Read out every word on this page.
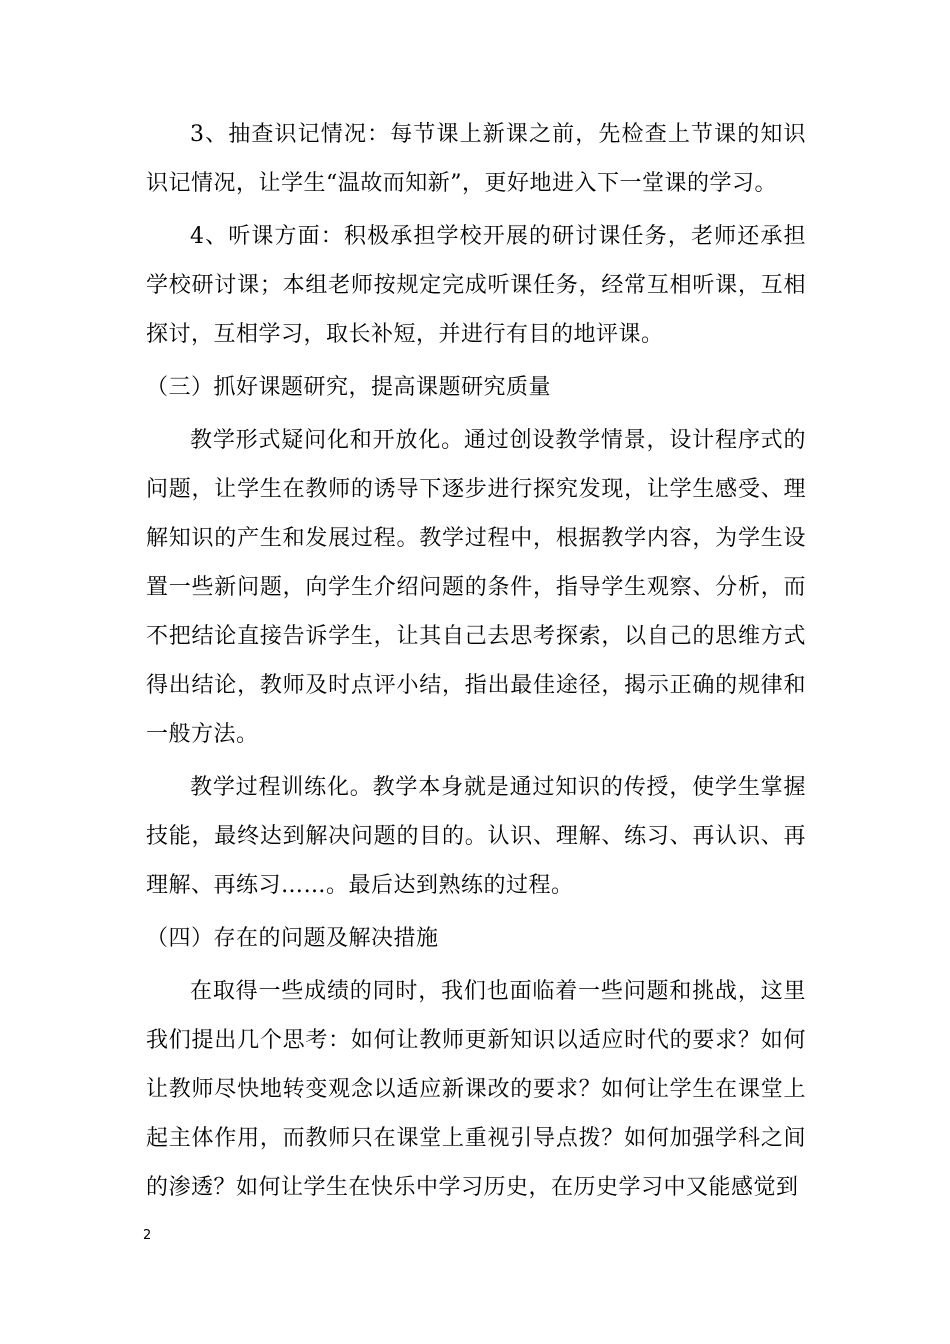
3、抽查识记情况：每节课上新课之前，先检查上节课的知识识记情况，让学生“温故而知新”，更好地进入下一堂课的学习。

4、听课方面：积极承担学校开展的研讨课任务，老师还承担学校研讨课；本组老师按规定完成听课任务，经常互相听课，互相探讨，互相学习，取长补短，并进行有目的地评课。

（三）抓好课题研究，提高课题研究质量

教学形式疑问化和开放化。通过创设教学情景，设计程序式的问题，让学生在教师的诱导下逐步进行探究发现，让学生感受、理解知识的产生和发展过程。教学过程中，根据教学内容，为学生设置一些新问题，向学生介绍问题的条件，指导学生观察、分析，而不把结论直接告诉学生，让其自己去思考探索，以自己的思维方式得出结论，教师及时点评小结，指出最佳途径，揭示正确的规律和一般方法。

教学过程训练化。教学本身就是通过知识的传授，使学生掌握技能，最终达到解决问题的目的。认识、理解、练习、再认识、再理解、再练习……。最后达到熟练的过程。

（四）存在的问题及解决措施

在取得一些成绩的同时，我们也面临着一些问题和挑战，这里我们提出几个思考：如何让教师更新知识以适应时代的要求？如何让教师尽快地转变观念以适应新课改的要求？如何让学生在课堂上起主体作用，而教师只在课堂上重视引导点拨？如何加强学科之间的渗透？如何让学生在快乐中学习历史，在历史学习中又能感觉到

2
